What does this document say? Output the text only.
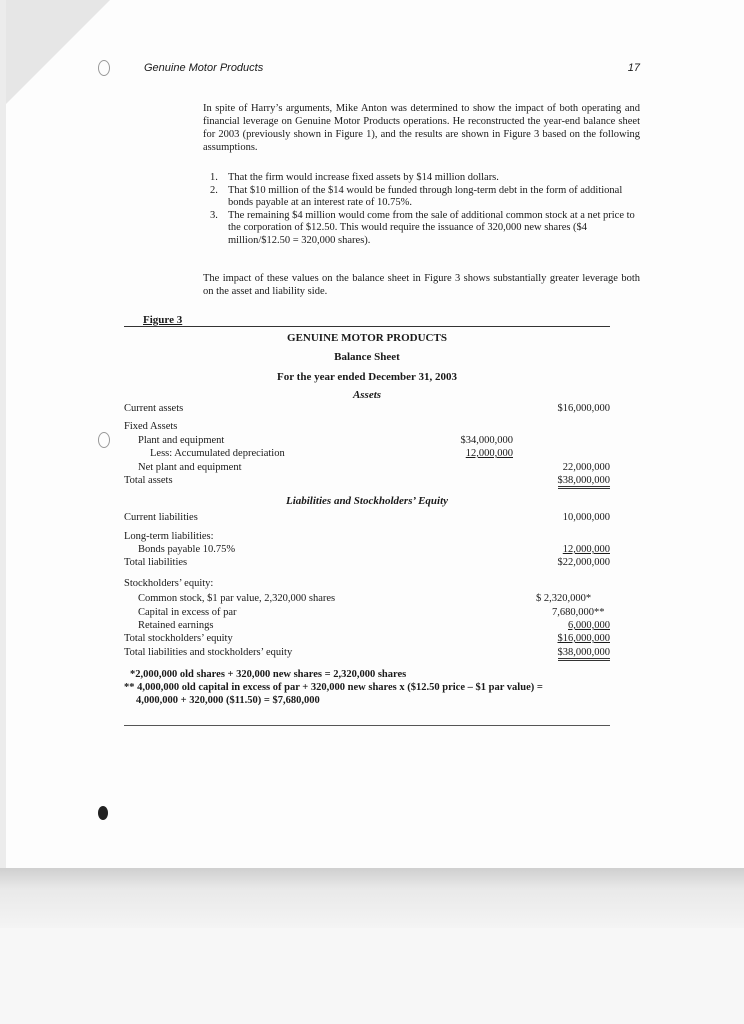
Genuine Motor Products	17

In spite of Harry’s arguments, Mike Anton was determined to show the impact of both operating and financial leverage on Genuine Motor Products operations. He reconstructed the year-end balance sheet for 2003 (previously shown in Figure 1), and the results are shown in Figure 3 based on the following assumptions.

1. That the firm would increase fixed assets by $14 million dollars.
2. That $10 million of the $14 would be funded through long-term debt in the form of additional bonds payable at an interest rate of 10.75%.
3. The remaining $4 million would come from the sale of additional common stock at a net price to the corporation of $12.50. This would require the issuance of 320,000 new shares ($4 million/$12.50 = 320,000 shares).

The impact of these values on the balance sheet in Figure 3 shows substantially greater leverage both on the asset and liability side.

Figure 3
GENUINE MOTOR PRODUCTS
Balance Sheet
For the year ended December 31, 2003
Assets
Current assets	$16,000,000
Fixed Assets
Plant and equipment	$34,000,000
Less: Accumulated depreciation	12,000,000
Net plant and equipment	22,000,000
Total assets	$38,000,000
Liabilities and Stockholders’ Equity
Current liabilities	10,000,000
Long-term liabilities:
Bonds payable 10.75%	12,000,000
Total liabilities	$22,000,000
Stockholders’ equity:
Common stock, $1 par value, 2,320,000 shares	$ 2,320,000*
Capital in excess of par	7,680,000**
Retained earnings	6,000,000
Total stockholders’ equity	$16,000,000
Total liabilities and stockholders’ equity	$38,000,000
*2,000,000 old shares + 320,000 new shares = 2,320,000 shares
** 4,000,000 old capital in excess of par + 320,000 new shares x ($12.50 price – $1 par value) =
4,000,000 + 320,000 ($11.50) = $7,680,000
